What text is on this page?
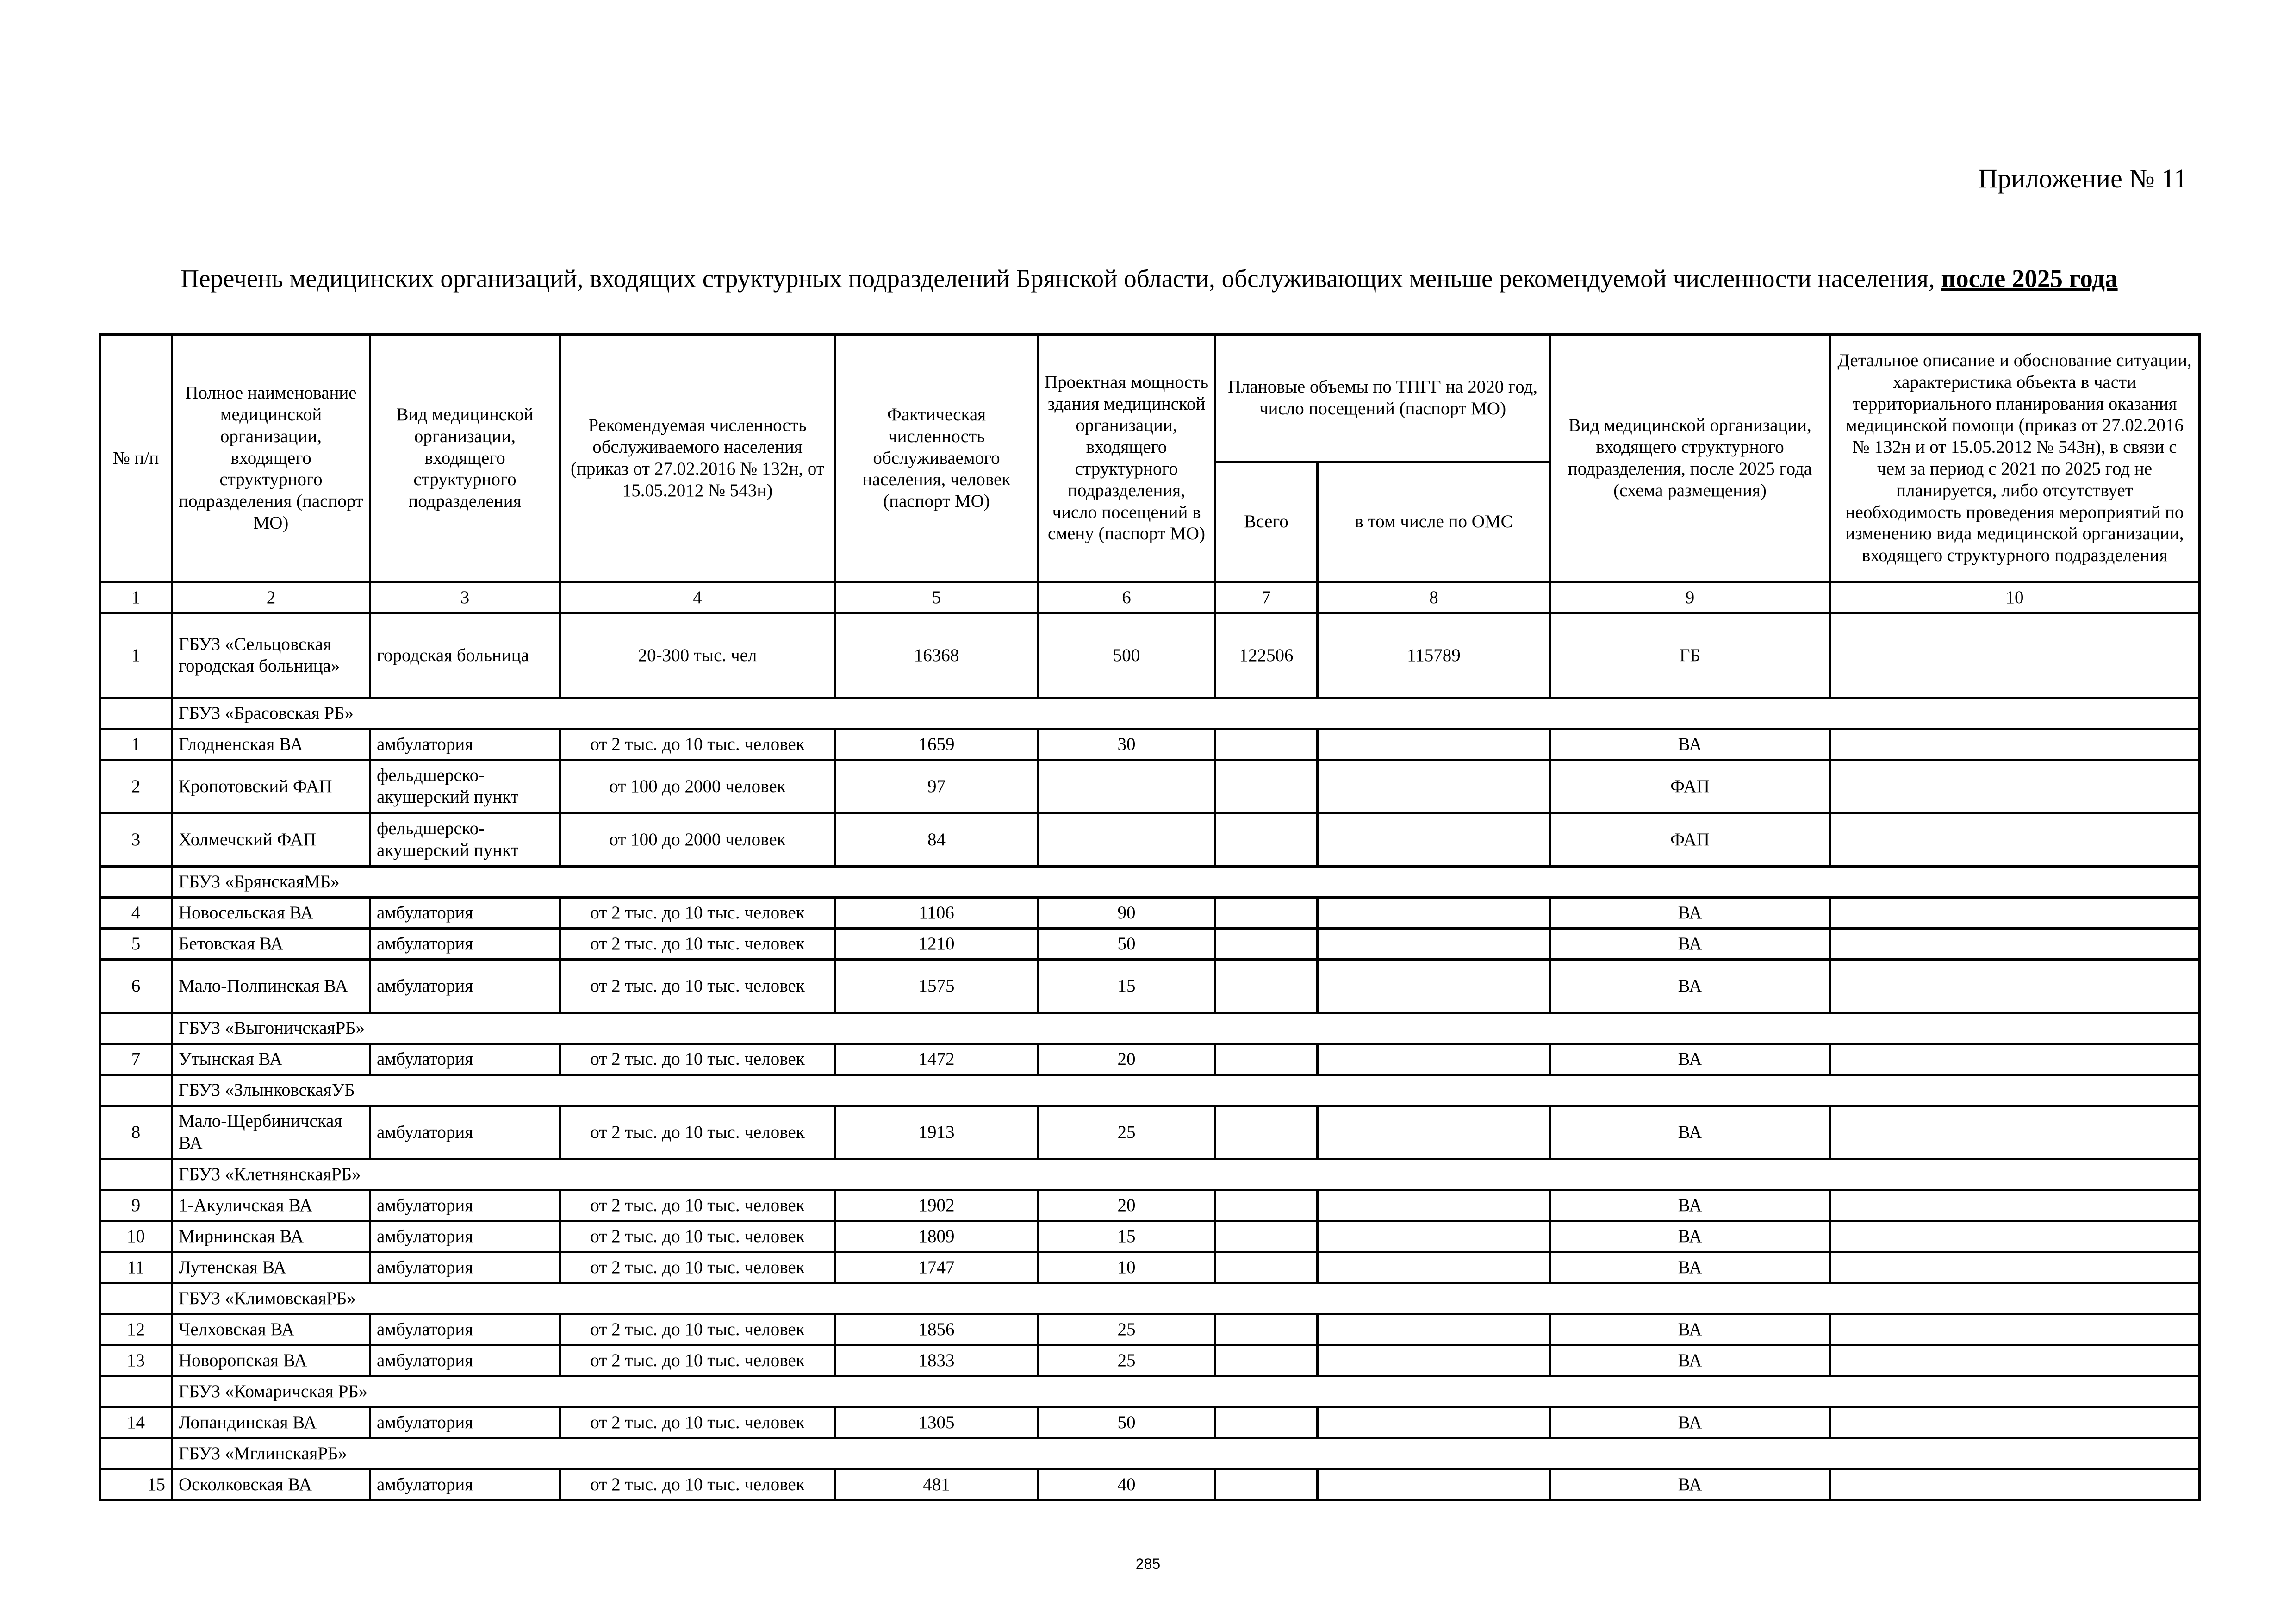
Приложение № 11
Перечень медицинских организаций, входящих структурных подразделений Брянской области, обслуживающих меньше рекомендуемой численности населения, после 2025 года
№ п/п	Полное наименование медицинской организации, входящего структурного подразделения (паспорт МО)	Вид медицинской организации, входящего структурного подразделения	Рекомендуемая численность обслуживаемого населения (приказ от 27.02.2016 № 132н, от 15.05.2012 № 543н)	Фактическая численность обслуживаемого населения, человек (паспорт МО)	Проектная мощность здания медицинской организации, входящего структурного подразделения, число посещений в смену (паспорт МО)	Плановые объемы по ТПГГ на 2020 год, число посещений (паспорт МО)		Вид медицинской организации, входящего структурного подразделения, после 2025 года (схема размещения)	Детальное описание и обоснование ситуации, характеристика объекта в части территориального планирования оказания медицинской помощи (приказ от 27.02.2016 № 132н и от 15.05.2012 № 543н), в связи с чем за период с 2021 по 2025 год не планируется, либо отсутствует необходимость проведения мероприятий по изменению вида медицинской организации, входящего структурного подразделения
						Всего	в том числе по ОМС		
1	2	3	4	5	6	7	8	9	10
1	ГБУЗ «Сельцовская городская больница»	городская больница	20-300 тыс. чел	16368	500	122506	115789	ГБ	
	ГБУЗ «Брасовская РБ»								
1	Глодненская ВА	амбулатория	от 2 тыс. до 10 тыс. человек	1659	30			ВА	
2	Кропотовский ФАП	фельдшерско-акушерский пункт	от 100 до 2000 человек	97				ФАП	
3	Холмечский ФАП	фельдшерско-акушерский пункт	от 100 до 2000 человек	84				ФАП	
	ГБУЗ «БрянскаяМБ»								
4	Новосельская ВА	амбулатория	от 2 тыс. до 10 тыс. человек	1106	90			ВА	
5	Бетовская ВА	амбулатория	от 2 тыс. до 10 тыс. человек	1210	50			ВА	
6	Мало-Полпинская ВА	амбулатория	от 2 тыс. до 10 тыс. человек	1575	15			ВА	
	ГБУЗ «ВыгоничскаяРБ»								
7	Утынская ВА	амбулатория	от 2 тыс. до 10 тыс. человек	1472	20			ВА	
	ГБУЗ «ЗлынковскаяУБ								
8	Мало-Щербиничская ВА	амбулатория	от 2 тыс. до 10 тыс. человек	1913	25			ВА	
	ГБУЗ «КлетнянскаяРБ»								
9	1-Акуличская ВА	амбулатория	от 2 тыс. до 10 тыс. человек	1902	20			ВА	
10	Мирнинская ВА	амбулатория	от 2 тыс. до 10 тыс. человек	1809	15			ВА	
11	Лутенская ВА	амбулатория	от 2 тыс. до 10 тыс. человек	1747	10			ВА	
	ГБУЗ «КлимовскаяРБ»								
12	Челховская ВА	амбулатория	от 2 тыс. до 10 тыс. человек	1856	25			ВА	
13	Новоропская ВА	амбулатория	от 2 тыс. до 10 тыс. человек	1833	25			ВА	
	ГБУЗ «Комаричская РБ»								
14	Лопандинская ВА	амбулатория	от 2 тыс. до 10 тыс. человек	1305	50			ВА	
	ГБУЗ «МглинскаяРБ»								
15	Осколковская ВА	амбулатория	от 2 тыс. до 10 тыс. человек	481	40			ВА	
285
